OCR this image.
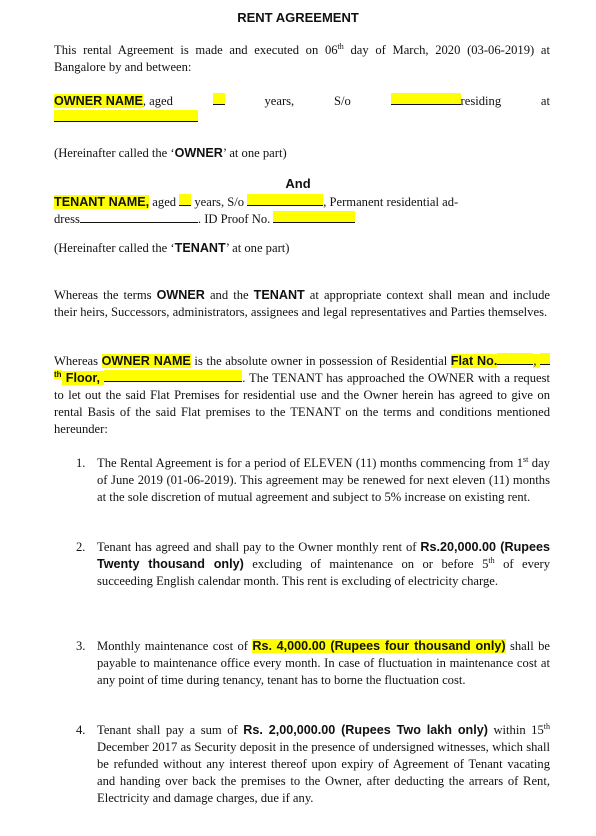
RENT AGREEMENT
This rental Agreement is made and executed on 06th day of March, 2020 (03-06-2019) at Bangalore by and between:
OWNER NAME, aged	years,	S/o	residing	at
(Hereinafter called the ‘OWNER’ at one part)
And
TENANT NAME, aged  years, S/o	, Permanent residential ad-
dress	. ID Proof No.
(Hereinafter called the ‘TENANT’ at one part)
Whereas the terms OWNER and the TENANT at appropriate context shall mean and include their heirs, Successors, administrators, assignees and legal representatives and Parties themselves.
Whereas OWNER NAME is the absolute owner in possession of Residential Flat No.	, $^{th}$ Floor,	. The TENANT has approached the OWNER with a request to let out the said Flat Premises for residential use and the Owner herein has agreed to give on rental Basis of the said Flat premises to the TENANT on the terms and conditions mentioned hereunder:
1. The Rental Agreement is for a period of ELEVEN (11) months commencing from 1st day of June 2019 (01-06-2019). This agreement may be renewed for next eleven (11) months at the sole discretion of mutual agreement and subject to 5% increase on existing rent.
2. Tenant has agreed and shall pay to the Owner monthly rent of Rs.20,000.00 (Rupees Twenty thousand only) excluding of maintenance on or before 5th of every succeeding English calendar month. This rent is excluding of electricity charge.
3. Monthly maintenance cost of Rs. 4,000.00 (Rupees four thousand only) shall be payable to maintenance office every month. In case of fluctuation in maintenance cost at any point of time during tenancy, tenant has to borne the fluctuation cost.
4. Tenant shall pay a sum of Rs. 2,00,000.00 (Rupees Two lakh only) within 15th December 2017 as Security deposit in the presence of undersigned witnesses, which shall be refunded without any interest thereof upon expiry of Agreement of Tenant vacating and handing over back the premises to the Owner, after deducting the arrears of Rent, Electricity and damage charges, due if any.
